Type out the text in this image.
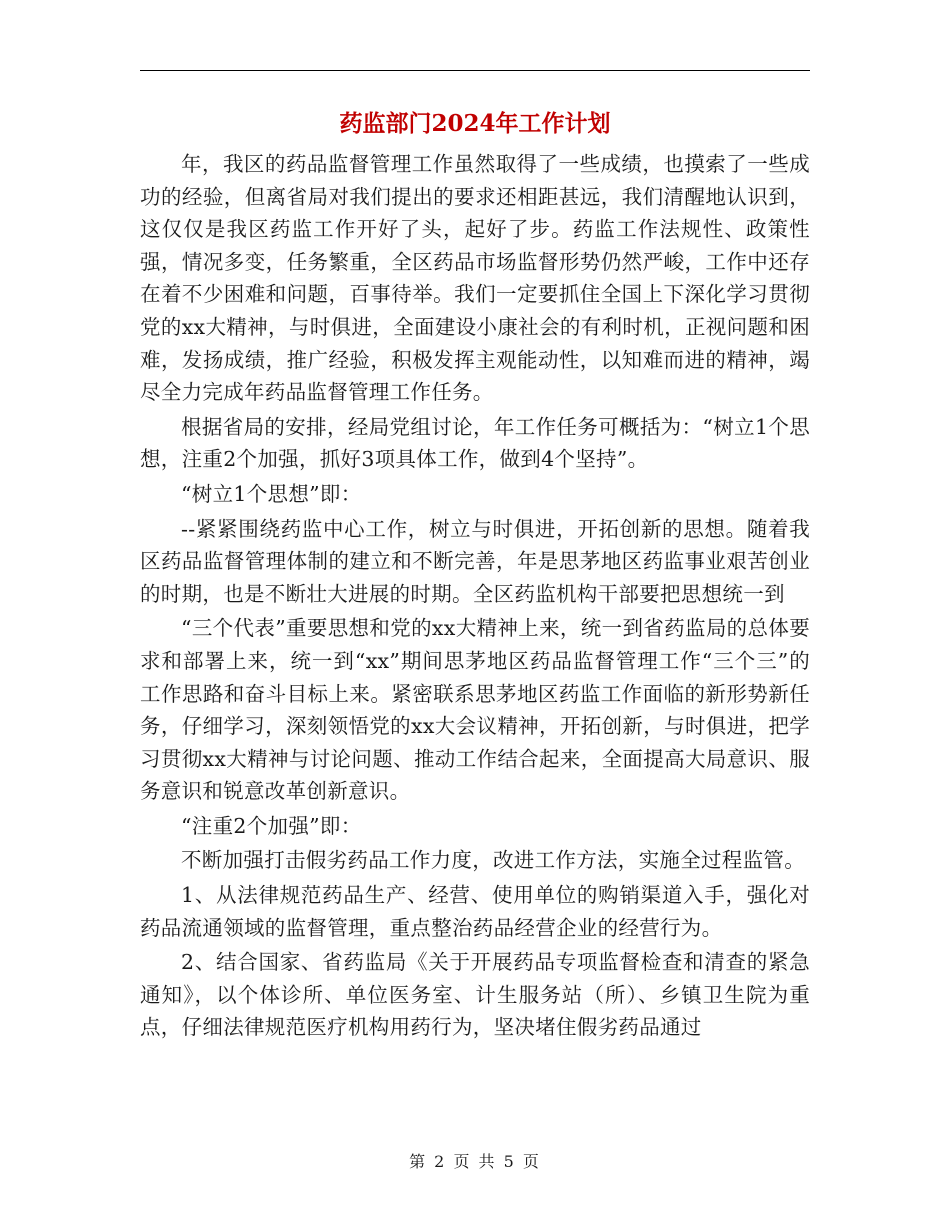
药监部门2024年工作计划

年，我区的药品监督管理工作虽然取得了一些成绩，也摸索了一些成功的经验，但离省局对我们提出的要求还相距甚远，我们清醒地认识到，这仅仅是我区药监工作开好了头，起好了步。药监工作法规性、政策性强，情况多变，任务繁重，全区药品市场监督形势仍然严峻，工作中还存在着不少困难和问题，百事待举。我们一定要抓住全国上下深化学习贯彻党的xx大精神，与时俱进，全面建设小康社会的有利时机，正视问题和困难，发扬成绩，推广经验，积极发挥主观能动性，以知难而进的精神，竭尽全力完成年药品监督管理工作任务。

根据省局的安排，经局党组讨论，年工作任务可概括为：“树立1个思想，注重2个加强，抓好3项具体工作，做到4个坚持”。

“树立1个思想”即：

--紧紧围绕药监中心工作，树立与时俱进，开拓创新的思想。随着我区药品监督管理体制的建立和不断完善，年是思茅地区药监事业艰苦创业的时期，也是不断壮大进展的时期。全区药监机构干部要把思想统一到

“三个代表”重要思想和党的xx大精神上来，统一到省药监局的总体要求和部署上来，统一到“xx”期间思茅地区药品监督管理工作“三个三”的工作思路和奋斗目标上来。紧密联系思茅地区药监工作面临的新形势新任务，仔细学习，深刻领悟党的xx大会议精神，开拓创新，与时俱进，把学习贯彻xx大精神与讨论问题、推动工作结合起来，全面提高大局意识、服务意识和锐意改革创新意识。

“注重2个加强”即：

不断加强打击假劣药品工作力度，改进工作方法，实施全过程监管。

1、从法律规范药品生产、经营、使用单位的购销渠道入手，强化对药品流通领域的监督管理，重点整治药品经营企业的经营行为。

2、结合国家、省药监局《关于开展药品专项监督检查和清查的紧急通知》，以个体诊所、单位医务室、计生服务站（所）、乡镇卫生院为重点，仔细法律规范医疗机构用药行为，坚决堵住假劣药品通过

第 2 页 共 5 页
